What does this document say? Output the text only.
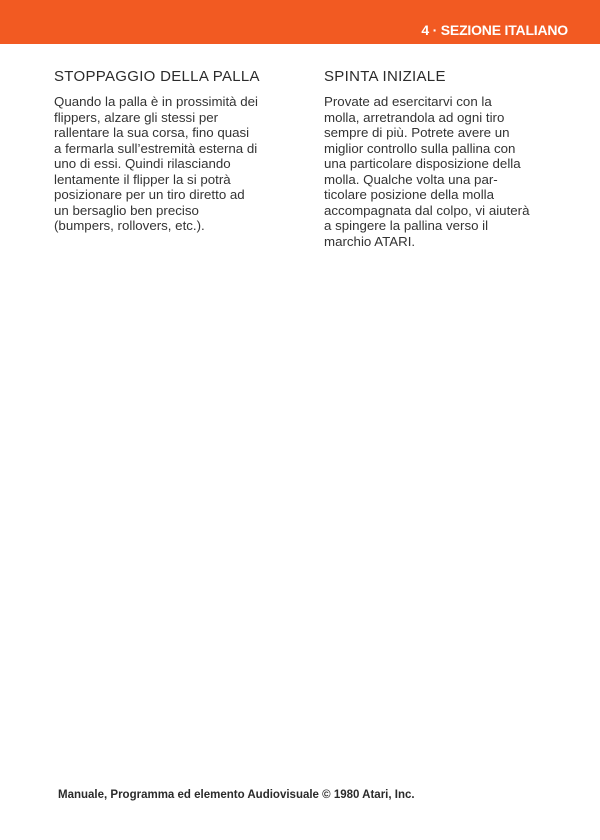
4 · SEZIONE ITALIANO
STOPPAGGIO DELLA PALLA
Quando la palla è in prossimità dei
flippers, alzare gli stessi per
rallentare la sua corsa, fino quasi
a fermarla sull’estremità esterna di
uno di essi. Quindi rilasciando
lentamente il flipper la si potrà
posizionare per un tiro diretto ad
un bersaglio ben preciso
(bumpers, rollovers, etc.).
SPINTA INIZIALE
Provate ad esercitarvi con la
molla, arretrandola ad ogni tiro
sempre di più. Potrete avere un
miglior controllo sulla pallina con
una particolare disposizione della
molla. Qualche volta una par-
ticolare posizione della molla
accompagnata dal colpo, vi aiuterà
a spingere la pallina verso il
marchio ATARI.
Manuale, Programma ed elemento Audiovisuale © 1980 Atari, Inc.
